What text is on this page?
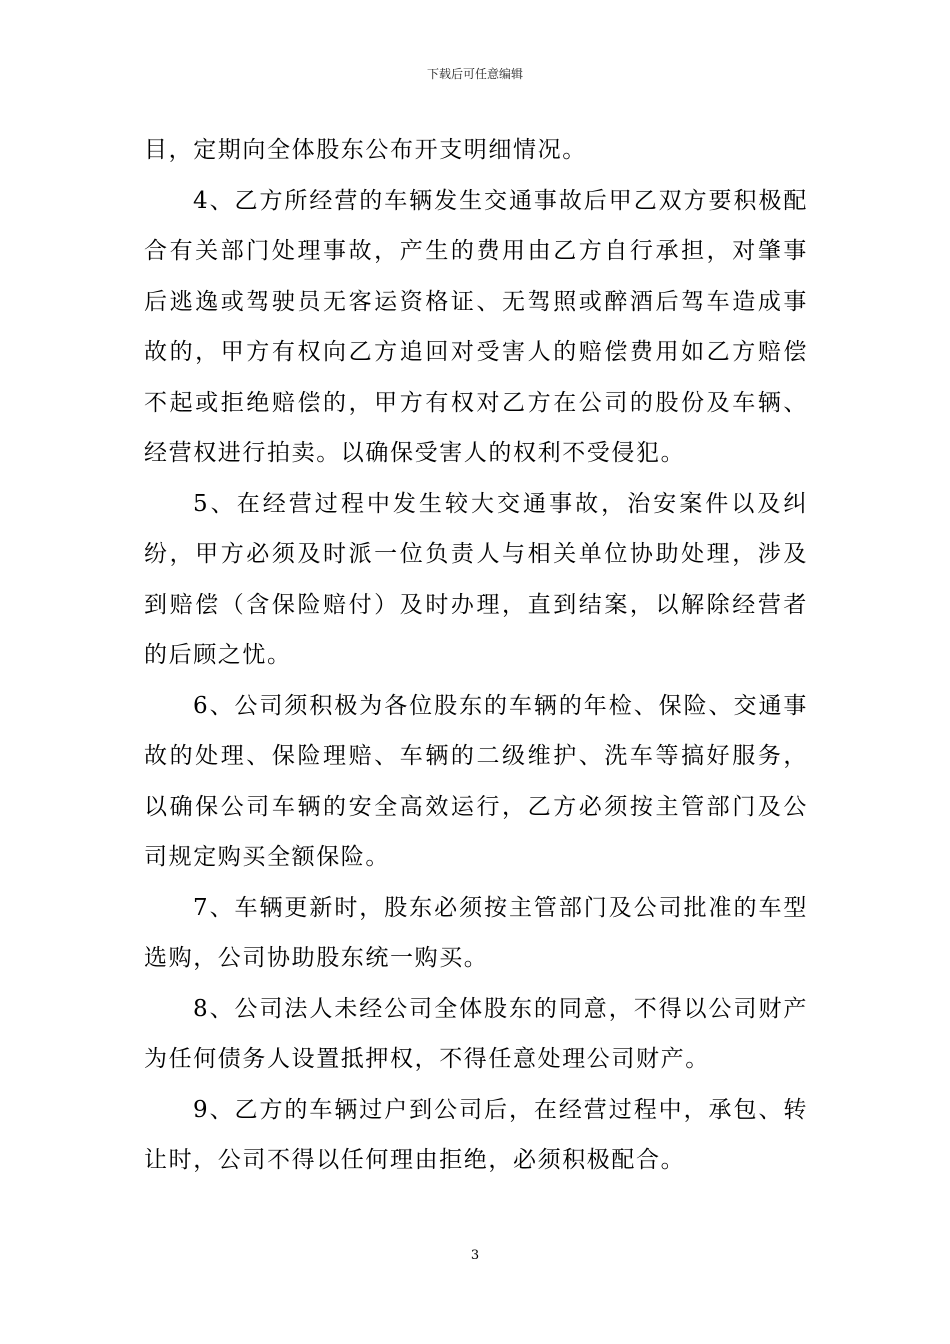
下载后可任意编辑

目，定期向全体股东公布开支明细情况。

4、乙方所经营的车辆发生交通事故后甲乙双方要积极配合有关部门处理事故，产生的费用由乙方自行承担，对肇事后逃逸或驾驶员无客运资格证、无驾照或醉酒后驾车造成事故的，甲方有权向乙方追回对受害人的赔偿费用如乙方赔偿不起或拒绝赔偿的，甲方有权对乙方在公司的股份及车辆、经营权进行拍卖。以确保受害人的权利不受侵犯。

5、在经营过程中发生较大交通事故，治安案件以及纠纷，甲方必须及时派一位负责人与相关单位协助处理，涉及到赔偿（含保险赔付）及时办理，直到结案，以解除经营者的后顾之忧。

6、公司须积极为各位股东的车辆的年检、保险、交通事故的处理、保险理赔、车辆的二级维护、洗车等搞好服务，以确保公司车辆的安全高效运行，乙方必须按主管部门及公司规定购买全额保险。

7、车辆更新时，股东必须按主管部门及公司批准的车型选购，公司协助股东统一购买。

8、公司法人未经公司全体股东的同意，不得以公司财产为任何债务人设置抵押权，不得任意处理公司财产。

9、乙方的车辆过户到公司后，在经营过程中，承包、转让时，公司不得以任何理由拒绝，必须积极配合。

3
